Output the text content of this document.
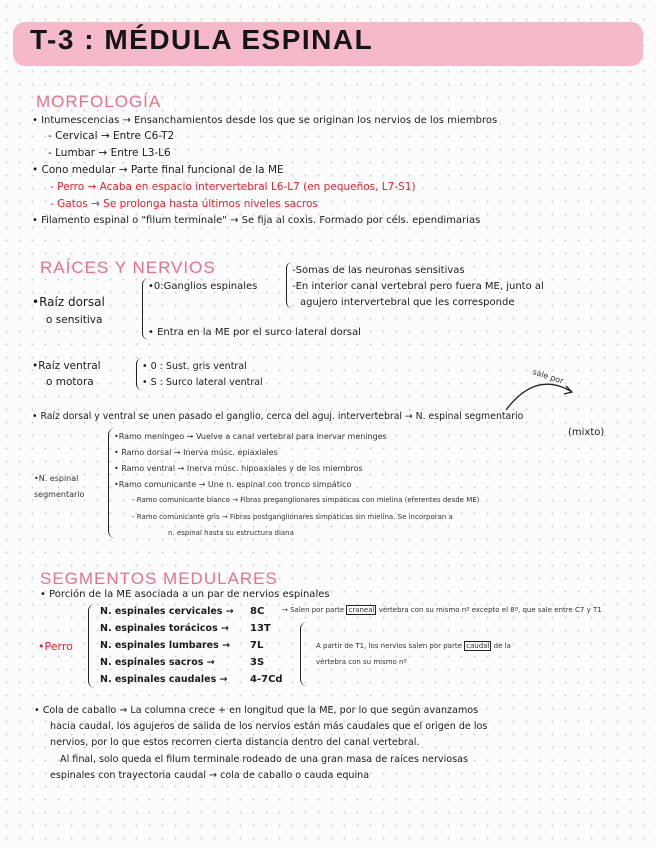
T-3 : MÉDULA ESPINAL
MORFOLOGÍA
• Intumescencias → Ensanchamientos desde los que se originan los nervios de los miembros
- Cervical → Entre C6-T2
- Lumbar → Entre L3-L6
• Cono medular → Parte final funcional de la ME
- Perro → Acaba en espacio intervertebral L6-L7 (en pequeños, L7-S1)
- Gatos → Se prolonga hasta últimos niveles sacros
• Filamento espinal o "filum terminale" → Se fija al coxis. Formado por céls. ependimarias
RAÍCES Y NERVIOS
•Raíz dorsal
o sensitiva
•0:Ganglios espinales
-Somas de las neuronas sensitivas
-En interior canal vertebral pero fuera ME, junto al
agujero intervertebral que les corresponde
• Entra en la ME por el surco lateral dorsal
•Raíz ventral
o motora
• 0 : Sust. gris ventral
• S : Surco lateral ventral	sale por
• Raíz dorsal y ventral se unen pasado el ganglio, cerca del aguj. intervertebral → N. espinal segmentario
(mixto)
•N. espinal
segmentario
•Ramo meníngeo → Vuelve a canal vertebral para inervar meninges
• Ramo dorsal → Inerva músc. epiaxiales
• Ramo ventral → Inerva músc. hipoaxiales y de los miembros
•Ramo comunicante → Une n. espinal con tronco simpático
- Ramo comunicante blanco → Fibras preganglionares simpáticas con mielina (eferentes desde ME)
- Ramo comunicante gris → Fibras postganglionares simpáticas sin mielina. Se incorporan a
n. espinal hasta su estructura diana
SEGMENTOS MEDULARES
• Porción de la ME asociada a un par de nervios espinales
•Perro
N. espinales cervicales → 8C
N. espinales torácicos → 13T
N. espinales lumbares → 7L
N. espinales sacros →	3S
N. espinales caudales → 4-7Cd
→ Salen por parte craneal vértebra con su mismo nº excepto el 8º, que sale entre C7 y T1
A partir de T1, los nervios salen por parte caudal de la
vértebra con su mismo nº
• Cola de caballo → La columna crece + en longitud que la ME, por lo que según avanzamos
hacia caudal, los agujeros de salida de los nervios están más caudales que el origen de los
nervios, por lo que estos recorren cierta distancia dentro del canal vertebral.
Al final, solo queda el filum terminale rodeado de una gran masa de raíces nerviosas
espinales con trayectoria caudal → cola de caballo o cauda equina
